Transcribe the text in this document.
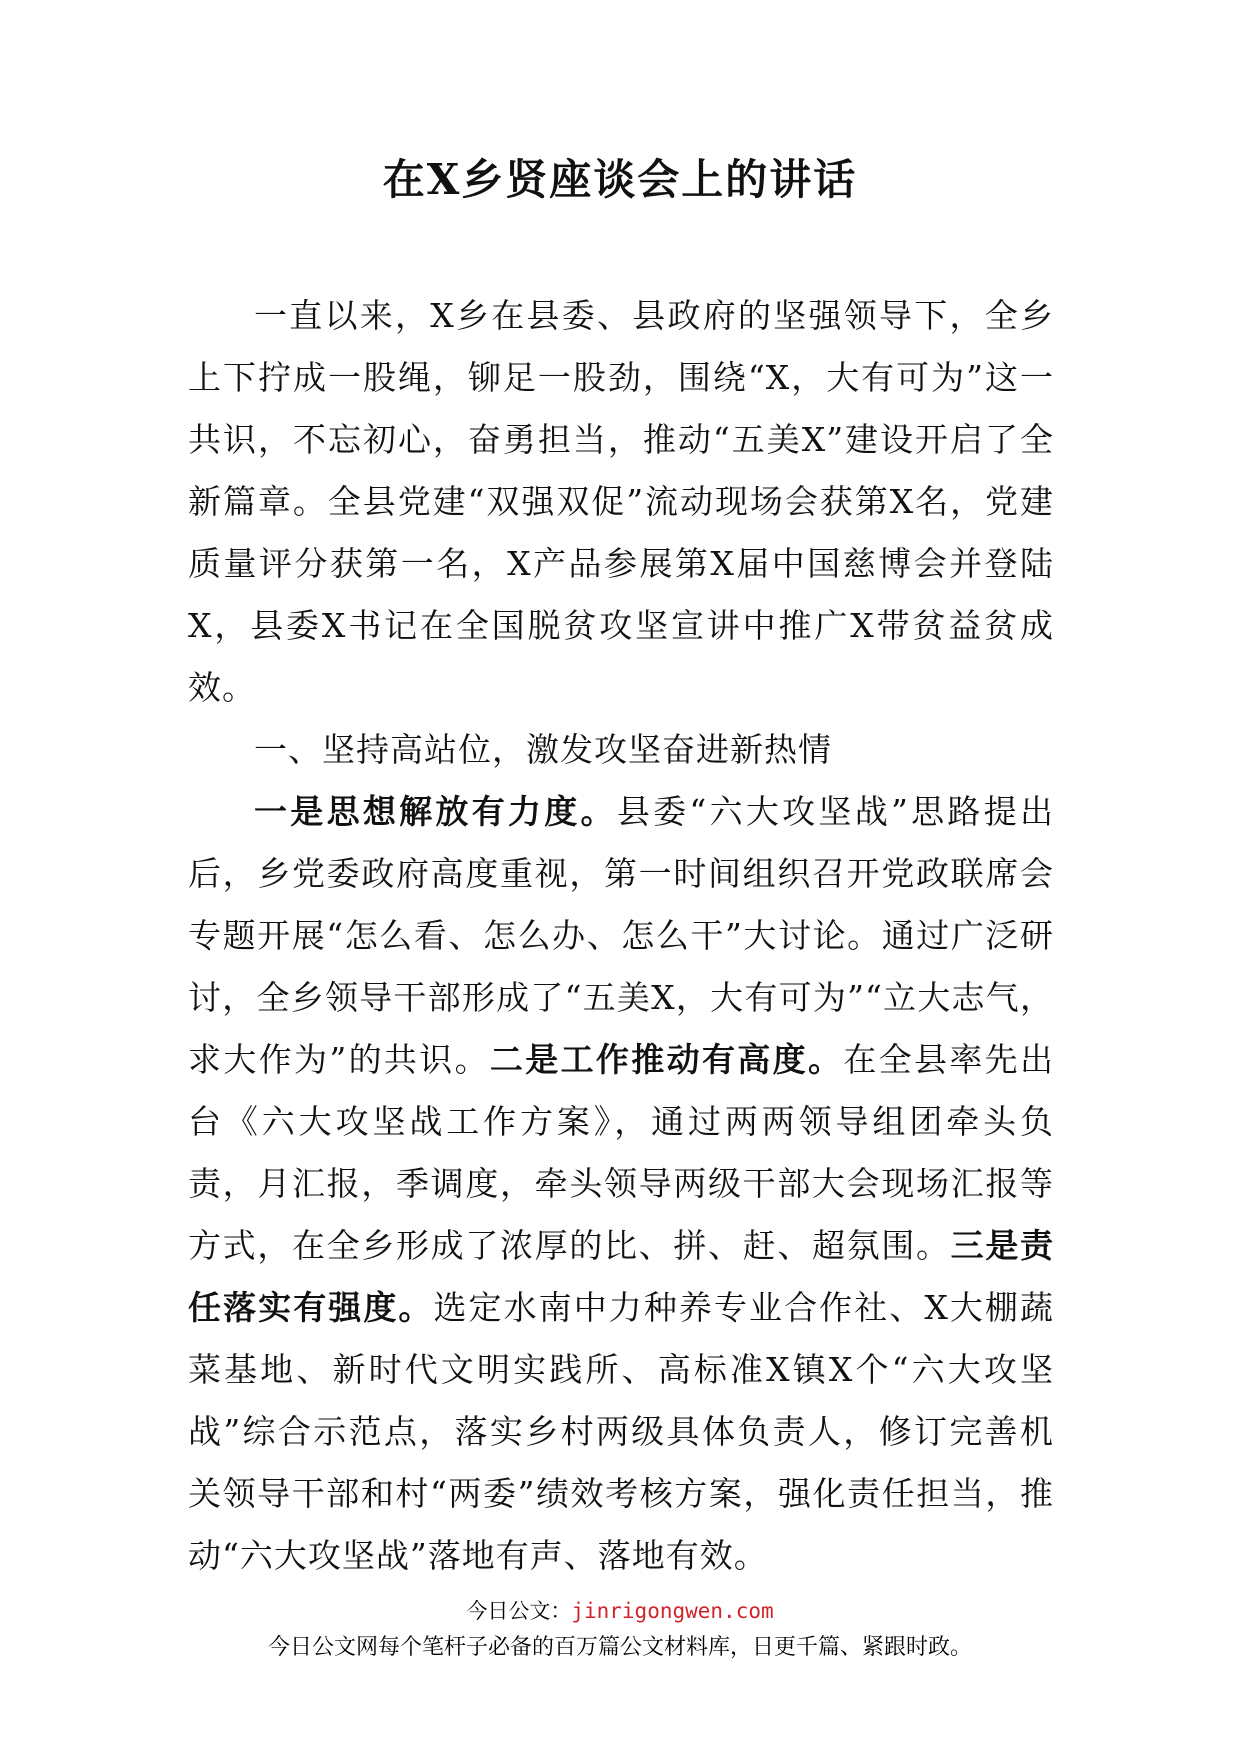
在X乡贤座谈会上的讲话

一直以来，X乡在县委、县政府的坚强领导下，全乡上下拧成一股绳，铆足一股劲，围绕“X，大有可为”这一共识，不忘初心，奋勇担当，推动“五美X”建设开启了全新篇章。全县党建“双强双促”流动现场会获第X名，党建质量评分获第一名，X产品参展第X届中国慈博会并登陆X，县委X书记在全国脱贫攻坚宣讲中推广X带贫益贫成效。

一、坚持高站位，激发攻坚奋进新热情

一是思想解放有力度。县委“六大攻坚战”思路提出后，乡党委政府高度重视，第一时间组织召开党政联席会专题开展“怎么看、怎么办、怎么干”大讨论。通过广泛研讨，全乡领导干部形成了“五美X，大有可为”“立大志气，求大作为”的共识。二是工作推动有高度。在全县率先出台《六大攻坚战工作方案》，通过两两领导组团牵头负责，月汇报，季调度，牵头领导两级干部大会现场汇报等方式，在全乡形成了浓厚的比、拼、赶、超氛围。三是责任落实有强度。选定水南中力种养专业合作社、X大棚蔬菜基地、新时代文明实践所、高标准X镇X个“六大攻坚战”综合示范点，落实乡村两级具体负责人，修订完善机关领导干部和村“两委”绩效考核方案，强化责任担当，推动“六大攻坚战”落地有声、落地有效。

今日公文：jinrigongwen.com
今日公文网每个笔杆子必备的百万篇公文材料库，日更千篇、紧跟时政。
